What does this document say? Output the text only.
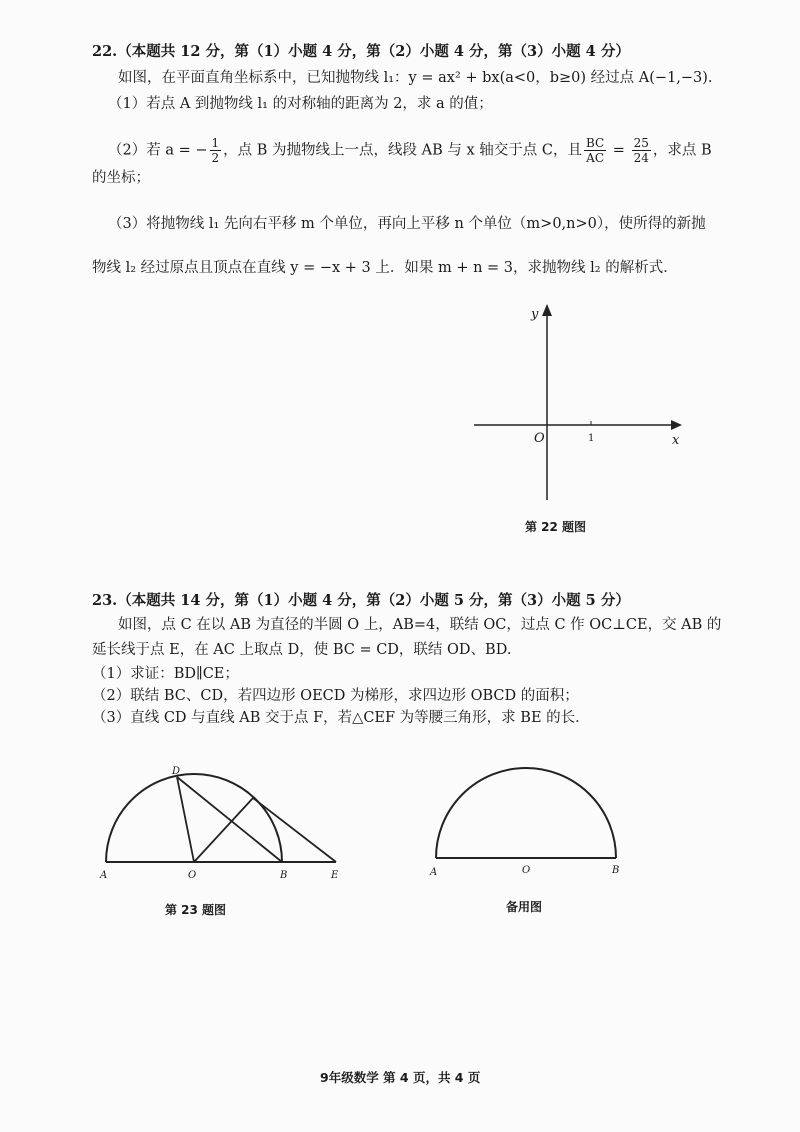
22.（本题共 12 分，第（1）小题 4 分，第（2）小题 4 分，第（3）小题 4 分）
如图，在平面直角坐标系中，已知抛物线 l₁：y = ax² + bx(a<0，b≥0) 经过点 A(−1,−3).
（1）若点 A 到抛物线 l₁ 的对称轴的距离为 2，求 a 的值；
（2）若 a = − $\frac{1}{2}$ ，点 B 为抛物线上一点，线段 AB 与 x 轴交于点 C，且 $\frac{BC}{AC} = \frac{25}{24}$ ，求点 B
的坐标；
（3）将抛物线 l₁ 先向右平移 m 个单位，再向上平移 n 个单位（m>0,n>0），使所得的新抛
物线 l₂ 经过原点且顶点在直线 y = −x + 3 上．如果 m + n = 3，求抛物线 l₂ 的解析式．
y
x
O	1
第 22 题图
23.（本题共 14 分，第（1）小题 4 分，第（2）小题 5 分，第（3）小题 5 分）
如图，点 C 在以 AB 为直径的半圆 O 上，AB=4，联结 OC，过点 C 作 OC⊥CE，交 AB 的
延长线于点 E，在 AC 上取点 D，使 BC = CD，联结 OD、BD.
（1）求证：BD∥CE；
（2）联结 BC、CD，若四边形 OECD 为梯形，求四边形 OBCD 的面积；
（3）直线 CD 与直线 AB 交于点 F，若△CEF 为等腰三角形，求 BE 的长．
A	O	B	E
D
第 23 题图
A	O	B
备用图
9年级数学 第 4 页，共 4 页
